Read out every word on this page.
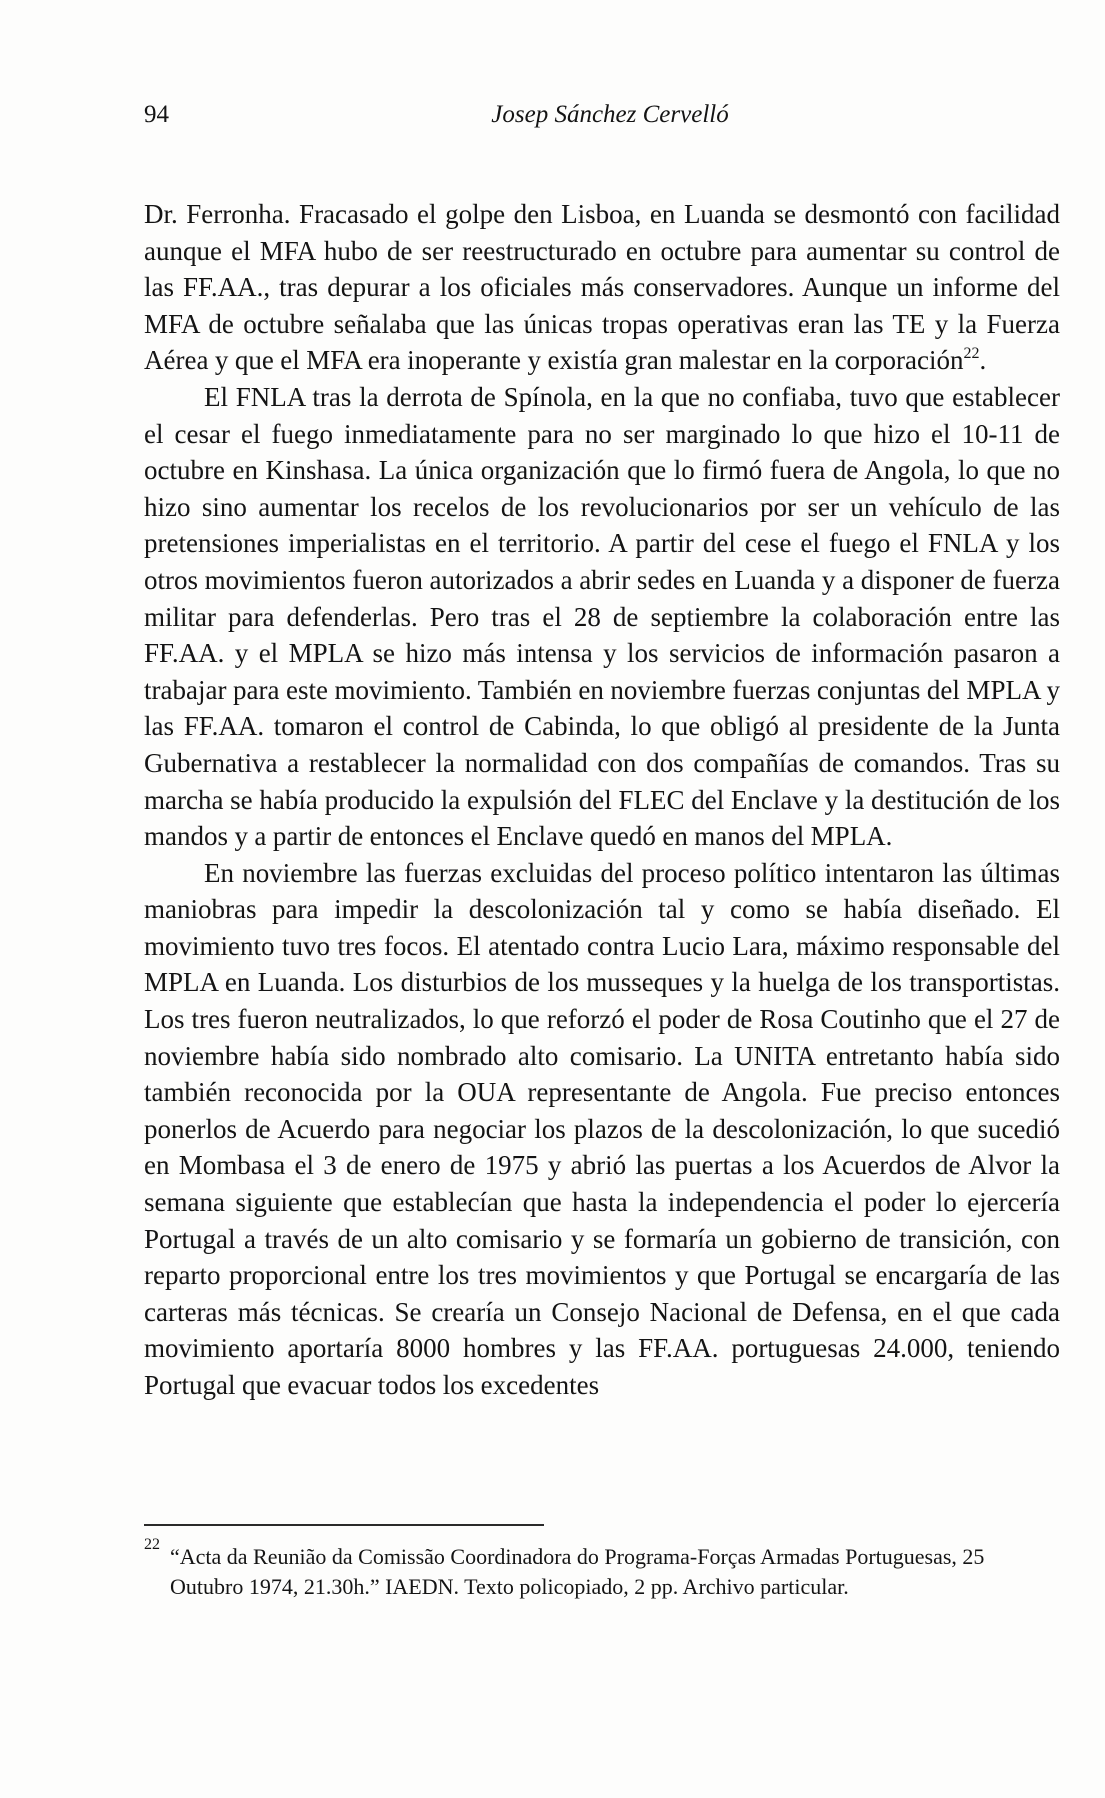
94	Josep Sánchez Cervelló

Dr. Ferronha. Fracasado el golpe den Lisboa, en Luanda se desmontó con facilidad aunque el MFA hubo de ser reestructurado en octubre para aumentar su control de las FF.AA., tras depurar a los oficiales más conservadores. Aunque un informe del MFA de octubre señalaba que las únicas tropas operativas eran las TE y la Fuerza Aérea y que el MFA era inoperante y existía gran malestar en la corporación$^{22}$.

El FNLA tras la derrota de Spínola, en la que no confiaba, tuvo que establecer el cesar el fuego inmediatamente para no ser marginado lo que hizo el 10-11 de octubre en Kinshasa. La única organización que lo firmó fuera de Angola, lo que no hizo sino aumentar los recelos de los revolucionarios por ser un vehículo de las pretensiones imperialistas en el territorio. A partir del cese el fuego el FNLA y los otros movimientos fueron autorizados a abrir sedes en Luanda y a disponer de fuerza militar para defenderlas. Pero tras el 28 de septiembre la colaboración entre las FF.AA. y el MPLA se hizo más intensa y los servicios de información pasaron a trabajar para este movimiento. También en noviembre fuerzas conjuntas del MPLA y las FF.AA. tomaron el control de Cabinda, lo que obligó al presidente de la Junta Gubernativa a restablecer la normalidad con dos compañías de comandos. Tras su marcha se había producido la expulsión del FLEC del Enclave y la destitución de los mandos y a partir de entonces el Enclave quedó en manos del MPLA.

En noviembre las fuerzas excluidas del proceso político intentaron las últimas maniobras para impedir la descolonización tal y como se había diseñado. El movimiento tuvo tres focos. El atentado contra Lucio Lara, máximo responsable del MPLA en Luanda. Los disturbios de los musseques y la huelga de los transportistas. Los tres fueron neutralizados, lo que reforzó el poder de Rosa Coutinho que el 27 de noviembre había sido nombrado alto comisario. La UNITA entretanto había sido también reconocida por la OUA representante de Angola. Fue preciso entonces ponerlos de Acuerdo para negociar los plazos de la descolonización, lo que sucedió en Mombasa el 3 de enero de 1975 y abrió las puertas a los Acuerdos de Alvor la semana siguiente que establecían que hasta la independencia el poder lo ejercería Portugal a través de un alto comisario y se formaría un gobierno de transición, con reparto proporcional entre los tres movimientos y que Portugal se encargaría de las carteras más técnicas. Se crearía un Consejo Nacional de Defensa, en el que cada movimiento aportaría 8000 hombres y las FF.AA. portuguesas 24.000, teniendo Portugal que evacuar todos los excedentes

22 “Acta da Reunião da Comissão Coordinadora do Programa-Forças Armadas Portuguesas, 25 Outubro 1974, 21.30h.” IAEDN. Texto policopiado, 2 pp. Archivo particular.
